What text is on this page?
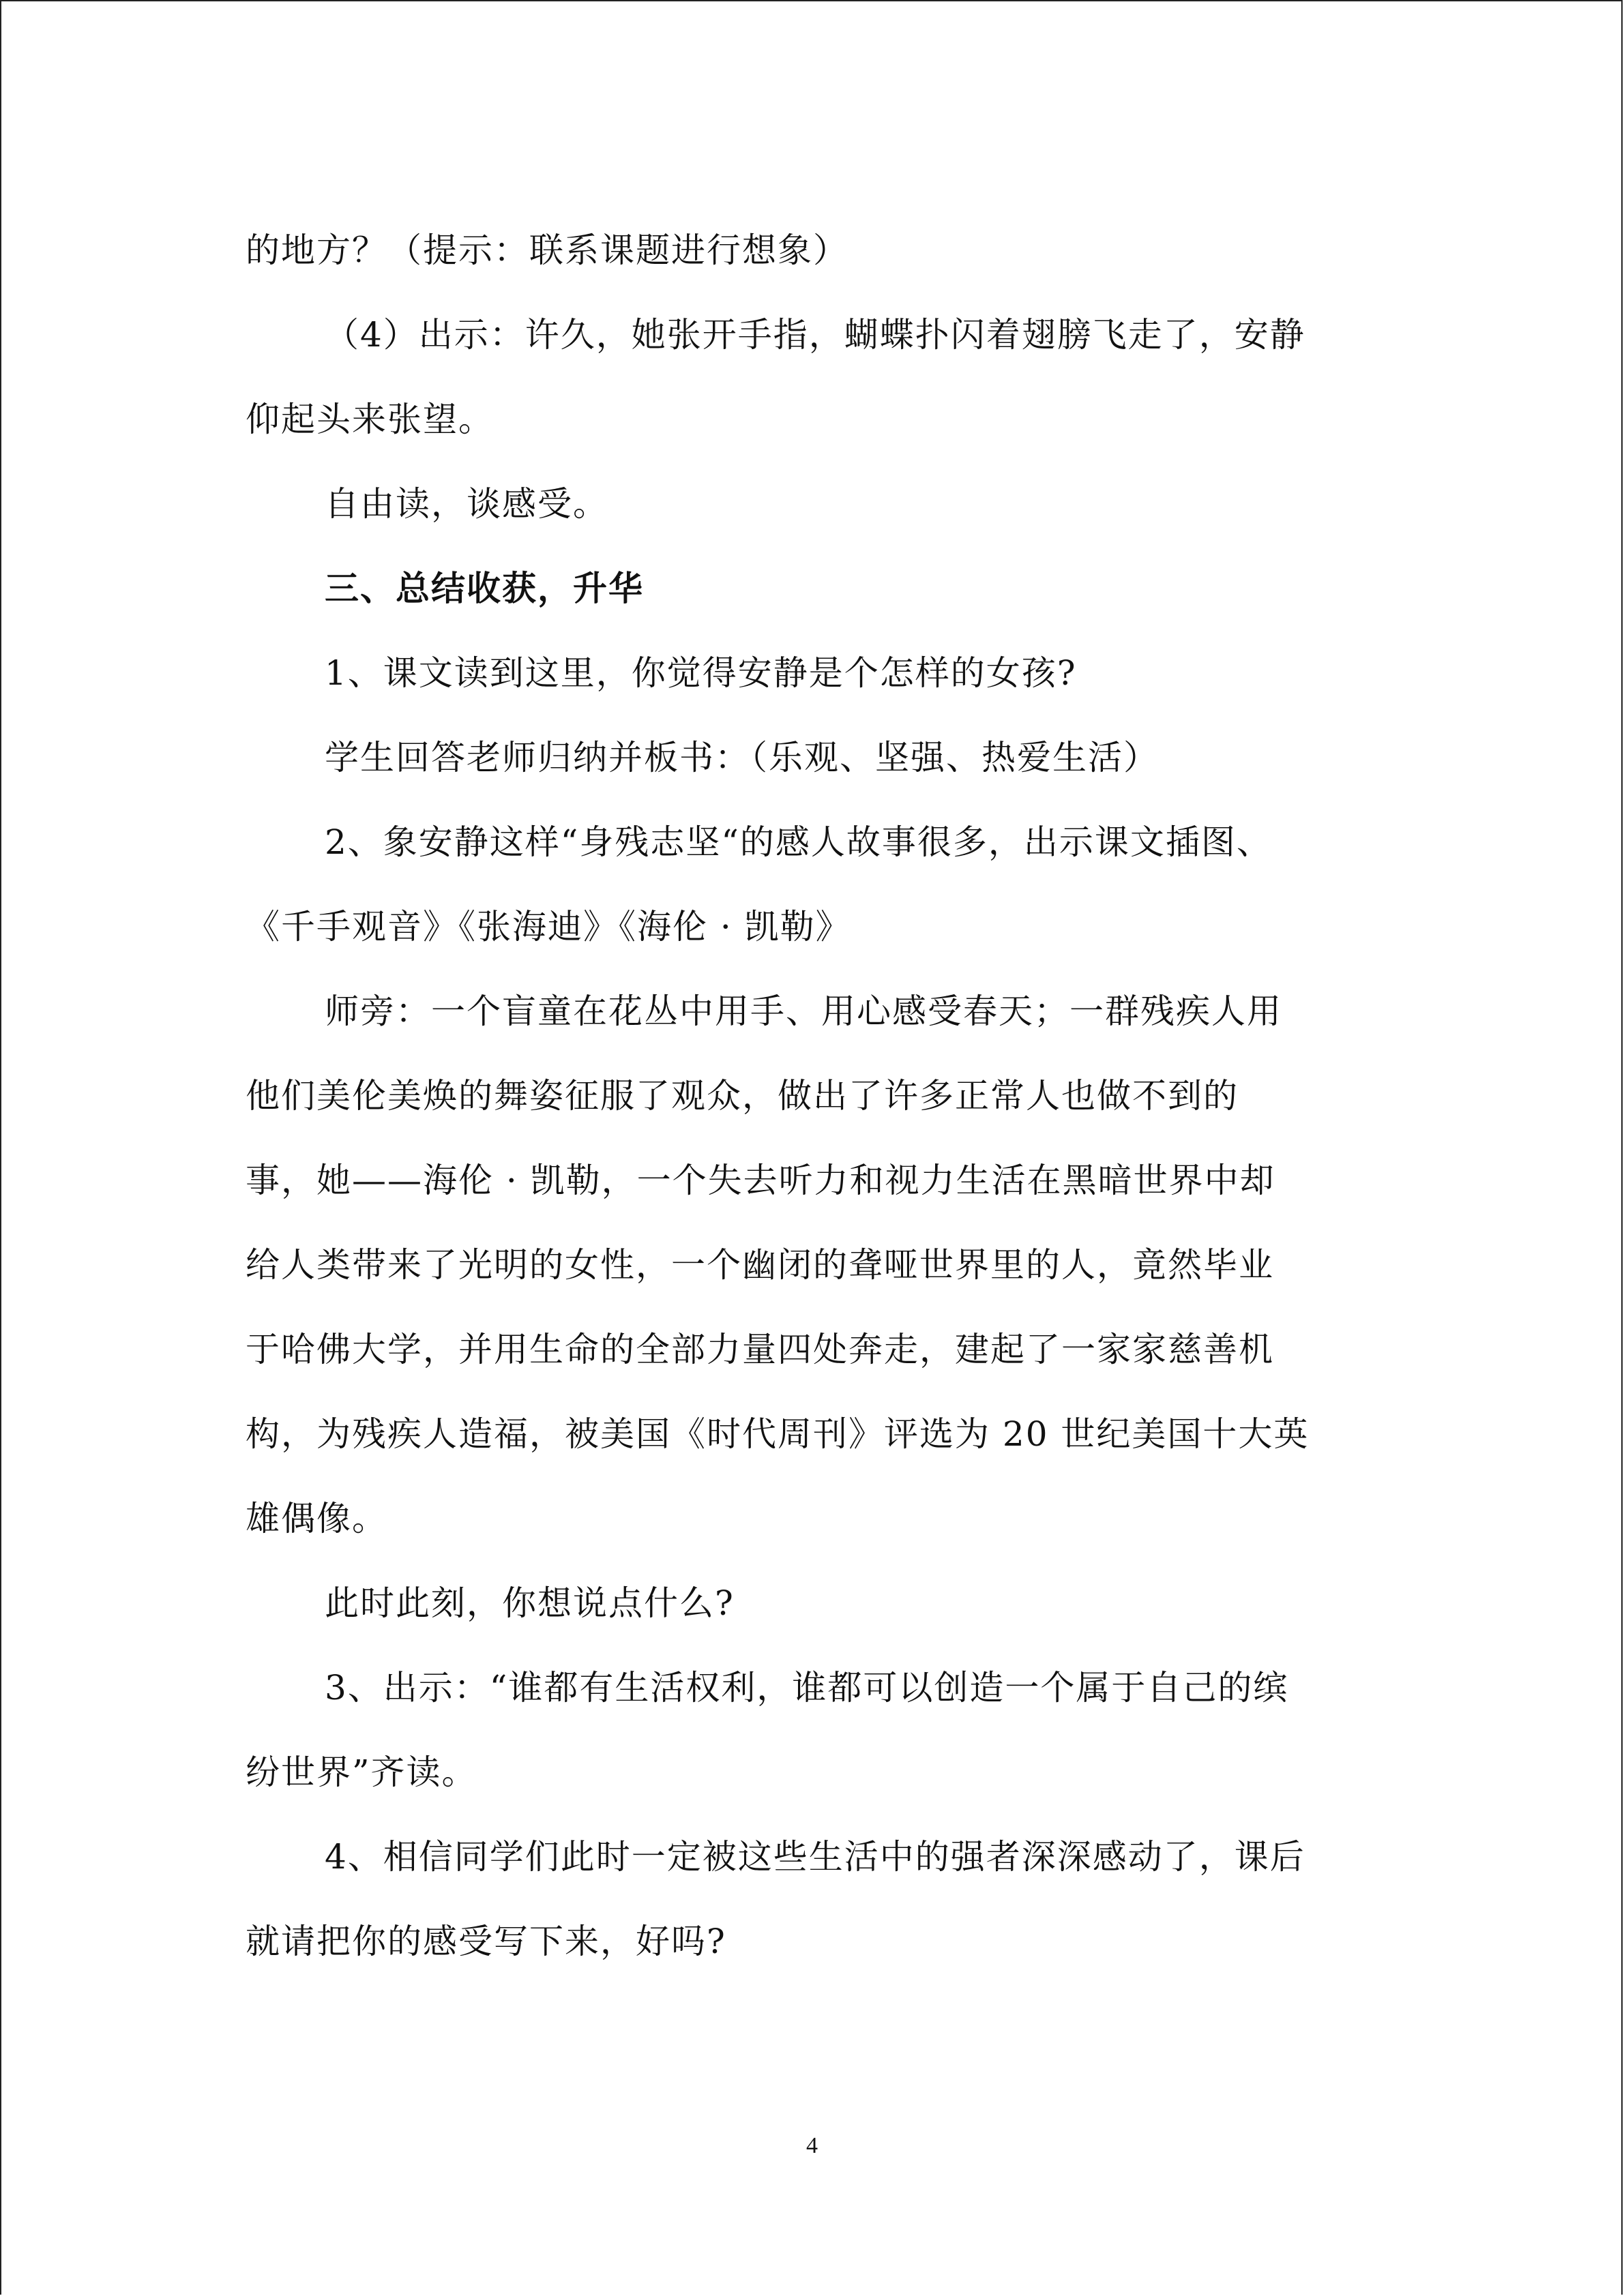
的地方？（提示：联系课题进行想象）
（4）出示：许久，她张开手指，蝴蝶扑闪着翅膀飞走了，安静
仰起头来张望。
自由读，谈感受。
三、总结收获，升华
1、课文读到这里，你觉得安静是个怎样的女孩?
学生回答老师归纳并板书：（乐观、坚强、热爱生活）
2、象安静这样“身残志坚“的感人故事很多，出示课文插图、
《千手观音》《张海迪》《海伦 · 凯勒》
师旁：一个盲童在花丛中用手、用心感受春天；一群残疾人用
他们美伦美焕的舞姿征服了观众，做出了许多正常人也做不到的
事，她——海伦 · 凯勒，一个失去听力和视力生活在黑暗世界中却
给人类带来了光明的女性，一个幽闭的聋哑世界里的人，竟然毕业
于哈佛大学，并用生命的全部力量四处奔走，建起了一家家慈善机
构，为残疾人造福，被美国《时代周刊》评选为 20 世纪美国十大英
雄偶像。
此时此刻，你想说点什么?
3、出示：“谁都有生活权利，谁都可以创造一个属于自己的缤
纷世界”齐读。
4、相信同学们此时一定被这些生活中的强者深深感动了，课后
就请把你的感受写下来，好吗?
4
